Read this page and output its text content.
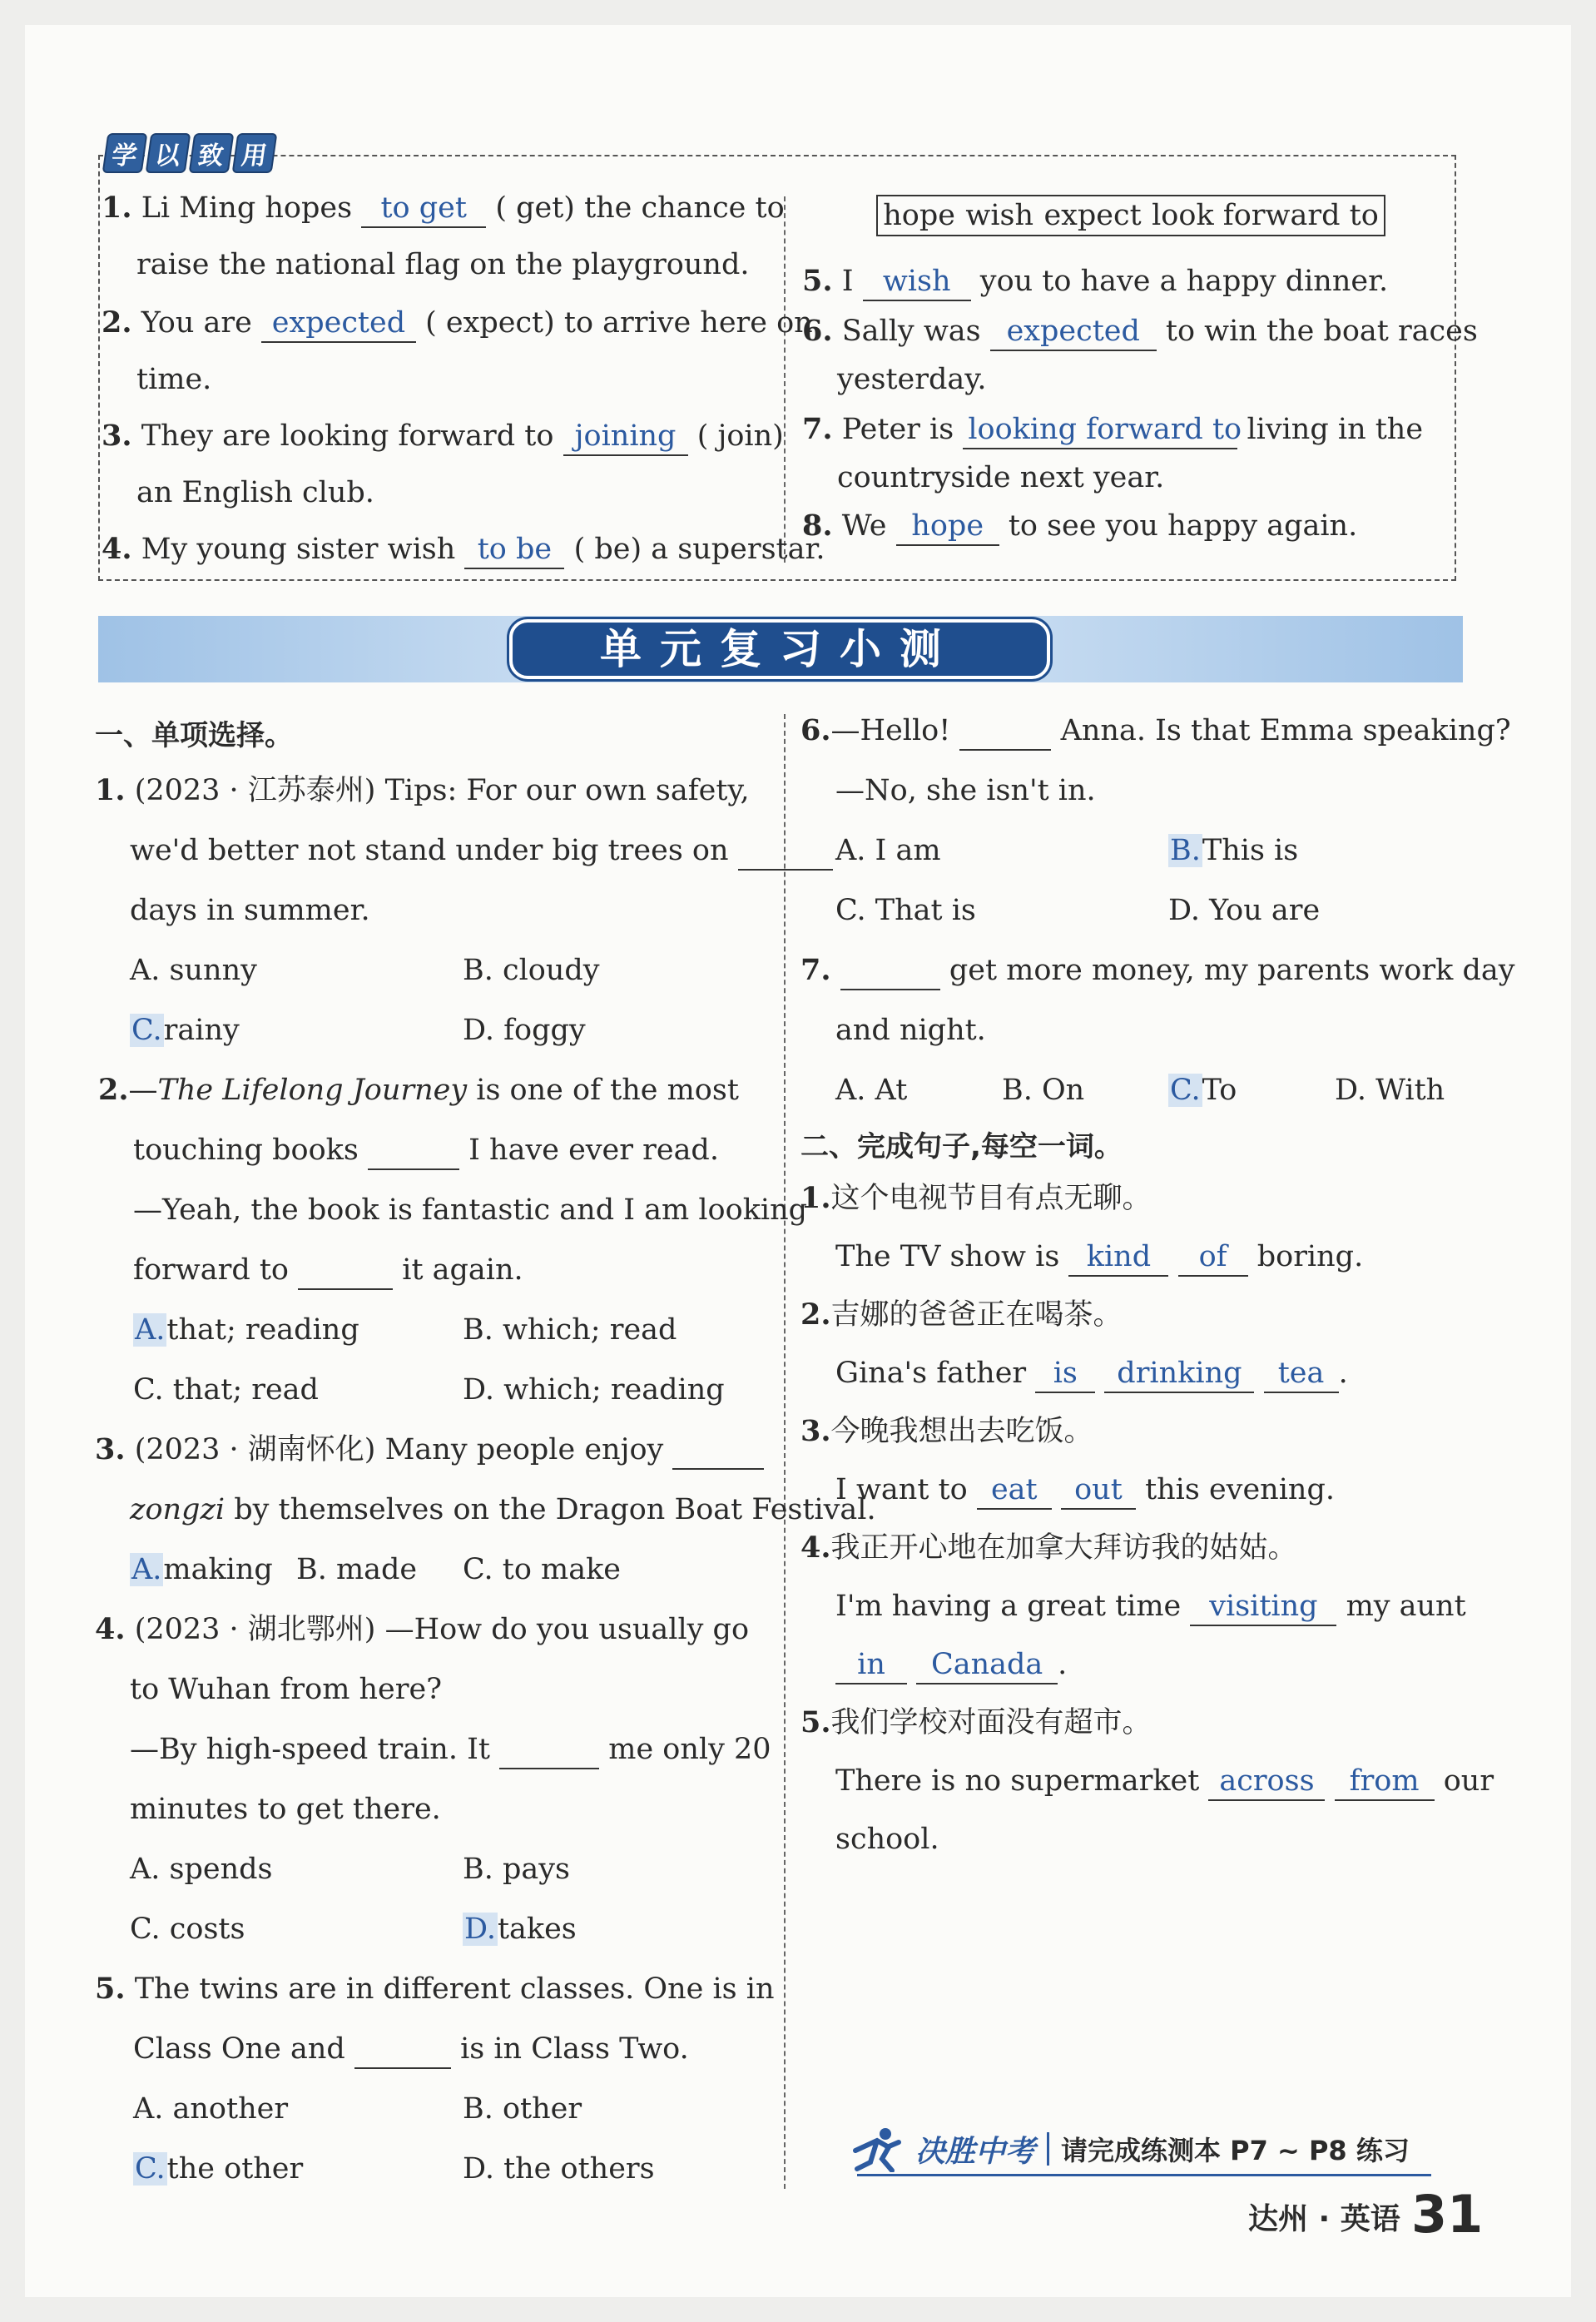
学 以 致 用
1. Li Ming hopes to get ( get) the chance to
raise the national flag on the playground.
2. You are expected ( expect) to arrive here on
time.
3. They are looking forward to joining ( join)
an English club.
4. My young sister wish to be ( be) a superstar.
hope wish expect look forward to
5. I wish you to have a happy dinner.
6. Sally was expected to win the boat races
yesterday.
7. Peter is looking forward to living in the
countryside next year.
8. We hope to see you happy again.
单元复习小测
一、单项选择。
1. (2023 · 江苏泰州) Tips: For our own safety,
we'd better not stand under big trees on
days in summer.
A. sunny	B. cloudy
C.rainy	D. foggy
2.—The Lifelong Journey is one of the most
touching books	I have ever read.
—Yeah, the book is fantastic and I am looking
forward to	it again.
A.that; reading	B. which; read
C. that; read	D. which; reading
3. (2023 · 湖南怀化) Many people enjoy
zongzi by themselves on the Dragon Boat Festival.
A.making B. made C. to make
4. (2023 · 湖北鄂州) —How do you usually go
to Wuhan from here?
—By high-speed train. It	me only 20
minutes to get there.
A. spends	B. pays
C. costs	D.takes
5. The twins are in different classes. One is in
Class One and	is in Class Two.
A. another	B. other
C.the other	D. the others
6.—Hello!	Anna. Is that Emma speaking?
—No, she isn't in.
A. I am	B.This is
C. That is	D. You are
7.	get more money, my parents work day
and night.
A. At	B. On	C.To	D. With
二、完成句子,每空一词。
1.这个电视节目有点无聊。
The TV show is kind of boring.
2.吉娜的爸爸正在喝茶。
Gina's father is drinking tea .
3.今晚我想出去吃饭。
I want to eat out this evening.
4.我正开心地在加拿大拜访我的姑姑。
I'm having a great time visiting my aunt
in Canada .
5.我们学校对面没有超市。
There is no supermarket across from our
school.
决胜中考 请完成练测本 P7 ~ P8 练习
达州 · 英语 31
